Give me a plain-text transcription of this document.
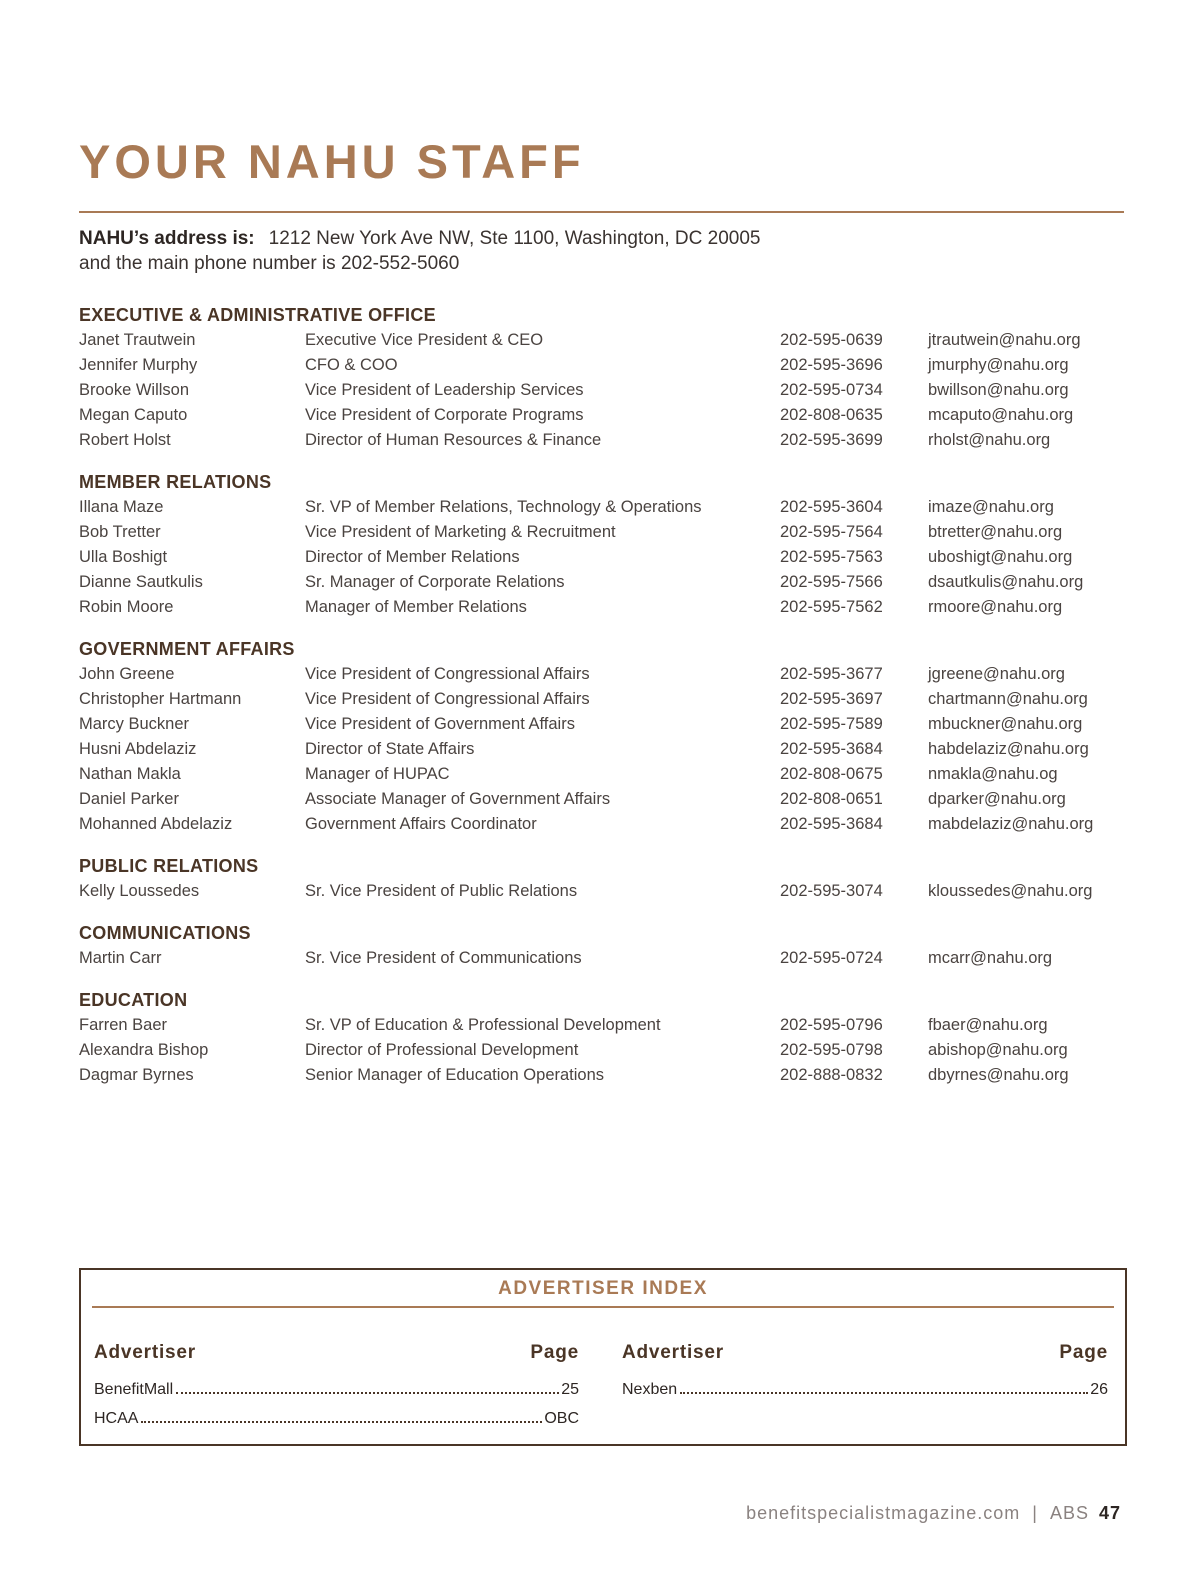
YOUR NAHU STAFF
NAHU’s address is: 1212 New York Ave NW, Ste 1100, Washington, DC 20005
and the main phone number is 202-552-5060
EXECUTIVE & ADMINISTRATIVE OFFICE
Janet Trautwein	Executive Vice President & CEO	202-595-0639	jtrautwein@nahu.org
Jennifer Murphy	CFO & COO	202-595-3696	jmurphy@nahu.org
Brooke Willson	Vice President of Leadership Services	202-595-0734	bwillson@nahu.org
Megan Caputo	Vice President of Corporate Programs	202-808-0635	mcaputo@nahu.org
Robert Holst	Director of Human Resources & Finance	202-595-3699	rholst@nahu.org
MEMBER RELATIONS
Illana Maze	Sr. VP of Member Relations, Technology & Operations	202-595-3604	imaze@nahu.org
Bob Tretter	Vice President of Marketing & Recruitment	202-595-7564	btretter@nahu.org
Ulla Boshigt	Director of Member Relations	202-595-7563	uboshigt@nahu.org
Dianne Sautkulis	Sr. Manager of Corporate Relations	202-595-7566	dsautkulis@nahu.org
Robin Moore	Manager of Member Relations	202-595-7562	rmoore@nahu.org
GOVERNMENT AFFAIRS
John Greene	Vice President of Congressional Affairs	202-595-3677	jgreene@nahu.org
Christopher Hartmann	Vice President of Congressional Affairs	202-595-3697	chartmann@nahu.org
Marcy Buckner	Vice President of Government Affairs	202-595-7589	mbuckner@nahu.org
Husni Abdelaziz	Director of State Affairs	202-595-3684	habdelaziz@nahu.org
Nathan Makla	Manager of HUPAC	202-808-0675	nmakla@nahu.og
Daniel Parker	Associate Manager of Government Affairs	202-808-0651	dparker@nahu.org
Mohanned Abdelaziz	Government Affairs Coordinator	202-595-3684	mabdelaziz@nahu.org
PUBLIC RELATIONS
Kelly Loussedes	Sr. Vice President of Public Relations	202-595-3074	kloussedes@nahu.org
COMMUNICATIONS
Martin Carr	Sr. Vice President of Communications	202-595-0724	mcarr@nahu.org
EDUCATION
Farren Baer	Sr. VP of Education & Professional Development	202-595-0796	fbaer@nahu.org
Alexandra Bishop	Director of Professional Development	202-595-0798	abishop@nahu.org
Dagmar Byrnes	Senior Manager of Education Operations	202-888-0832	dbyrnes@nahu.org
ADVERTISER INDEX
Advertiser	Page
BenefitMall	25
HCAA	OBC
Advertiser	Page
Nexben	26
benefitspecialistmagazine.com | ABS 47
